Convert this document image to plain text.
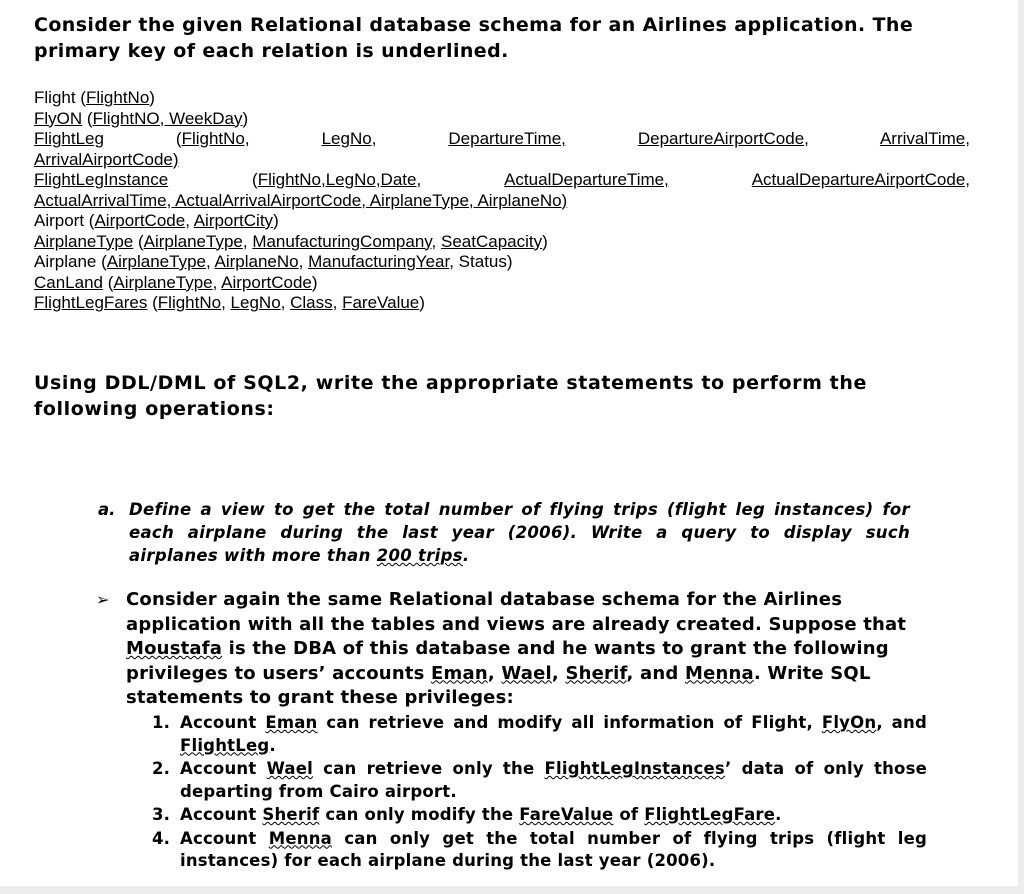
Consider the given Relational database schema for an Airlines application. The
primary key of each relation is underlined.
Flight (FlightNo)
FlyON (FlightNO, WeekDay)
FlightLeg (FlightNo,	LegNo,	DepartureTime,	DepartureAirportCode,	ArrivalTime,
ArrivalAirportCode)
FlightLegInstance (FlightNo,LegNo,Date, ActualDepartureTime,	ActualDepartureAirportCode,
ActualArrivalTime, ActualArrivalAirportCode, AirplaneType, AirplaneNo)
Airport (AirportCode, AirportCity)
AirplaneType (AirplaneType, ManufacturingCompany, SeatCapacity)
Airplane (AirplaneType, AirplaneNo, ManufacturingYear, Status)
CanLand (AirplaneType, AirportCode)
FlightLegFares (FlightNo, LegNo, Class, FareValue)
Using DDL/DML of SQL2, write the appropriate statements to perform the
following operations:
a. Define a view to get the total number of flying trips (flight leg instances) for each airplane during the last year (2006). Write a query to display such airplanes with more than 200 trips.
➢ Consider again the same Relational database schema for the Airlines application with all the tables and views are already created. Suppose that Moustafa is the DBA of this database and he wants to grant the following privileges to users’ accounts Eman, Wael, Sherif, and Menna. Write SQL statements to grant these privileges:
1. Account Eman can retrieve and modify all information of Flight, FlyOn, and FlightLeg.
2. Account Wael can retrieve only the FlightLegInstances’ data of only those departing from Cairo airport.
3. Account Sherif can only modify the FareValue of FlightLegFare.
4. Account Menna can only get the total number of flying trips (flight leg instances) for each airplane during the last year (2006).
